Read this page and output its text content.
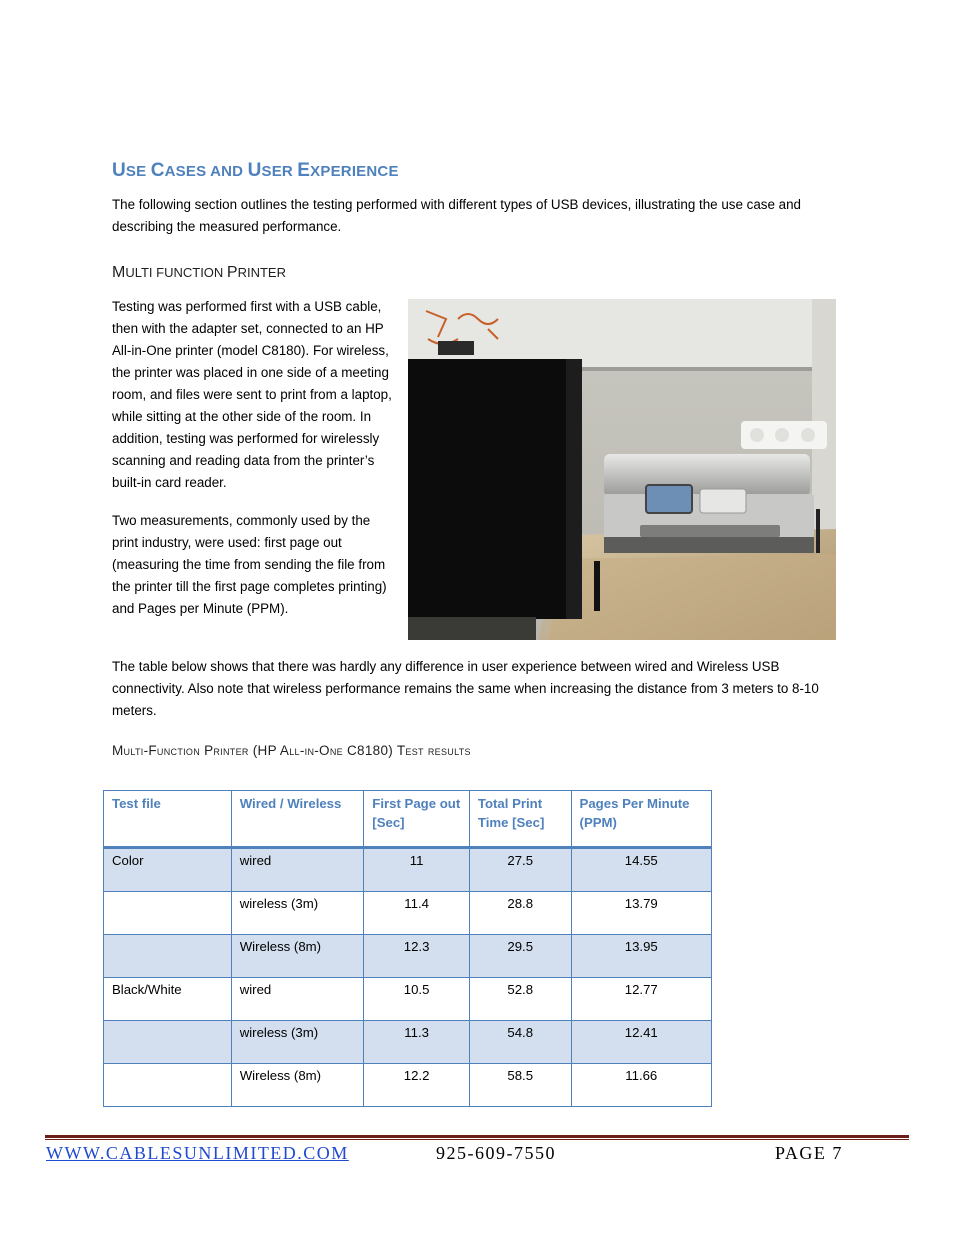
USE CASES AND USER EXPERIENCE

The following section outlines the testing performed with different types of USB devices, illustrating the use case and describing the measured performance.

MULTI FUNCTION PRINTER

Testing was performed first with a USB cable, then with the adapter set, connected to an HP All-in-One printer (model C8180). For wireless, the printer was placed in one side of a meeting room, and files were sent to print from a laptop, while sitting at the other side of the room. In addition, testing was performed for wirelessly scanning and reading data from the printer’s built-in card reader.

Two measurements, commonly used by the print industry, were used: first page out (measuring the time from sending the file from the printer till the first page completes printing) and Pages per Minute (PPM).

The table below shows that there was hardly any difference in user experience between wired and Wireless USB connectivity. Also note that wireless performance remains the same when increasing the distance from 3 meters to 8-10 meters.

Multi-Function Printer (HP All-in-One C8180) Test results
Test file	Wired / Wireless	First Page out [Sec]	Total Print Time [Sec]	Pages Per Minute (PPM)
Color	wired	11	27.5	14.55
	wireless (3m)	11.4	28.8	13.79
	Wireless (8m)	12.3	29.5	13.95
Black/White	wired	10.5	52.8	12.77
	wireless (3m)	11.3	54.8	12.41
	Wireless (8m)	12.2	58.5	11.66
WWW.CABLESUNLIMITED.COM	925-609-7550	PAGE 7
